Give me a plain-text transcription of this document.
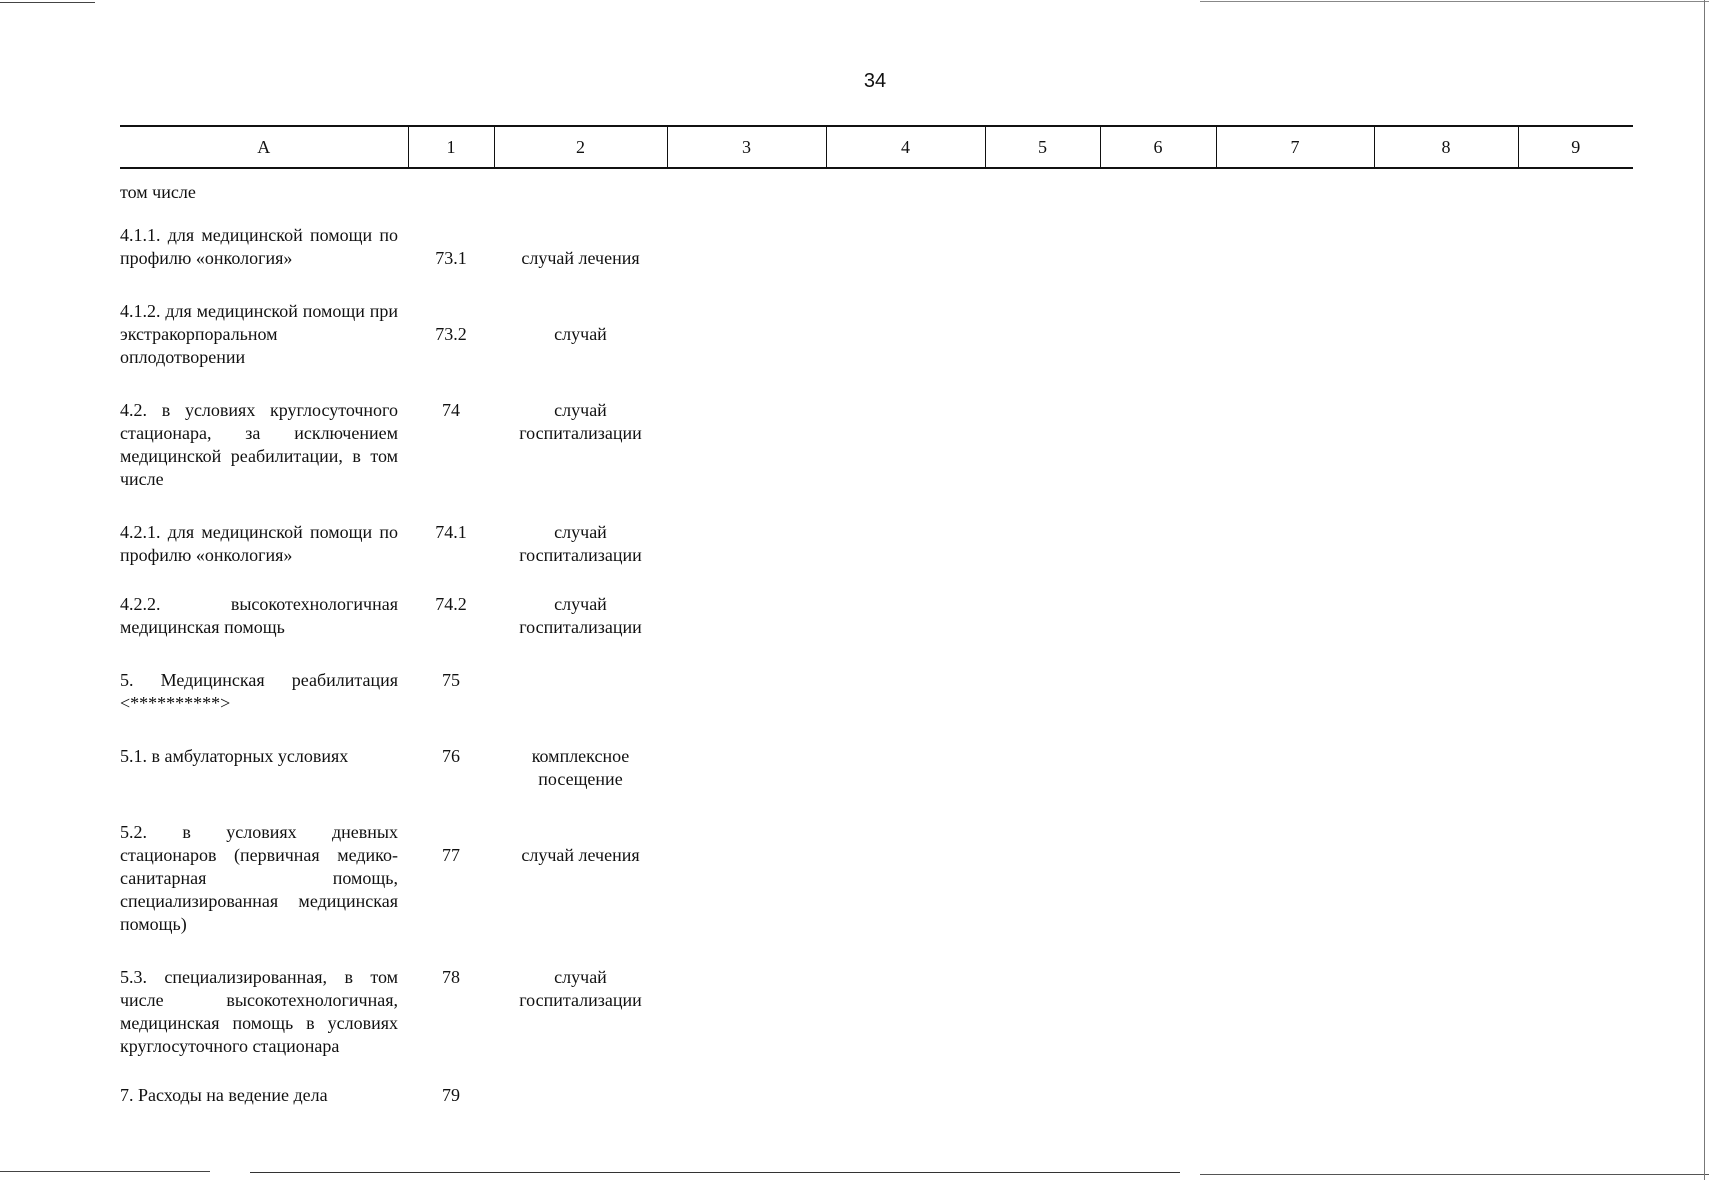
34
А	1	2	3	4	5	6	7	8	9
том числе									
4.1.1. для медицинской помощи по профилю «онкология»	73.1	случай лечения							

4.1.2. для медицинской помощи при экстракорпоральном оплодотворении	73.2	случай							

4.2. в условиях круглосуточного стационара, за исключением медицинской реабилитации, в том числе	74	случай госпитализации							
4.2.1. для медицинской помощи по профилю «онкология»	74.1	случай госпитализации							
4.2.2. высокотехнологичная медицинская помощь	74.2	случай госпитализации							
5. Медицинская реабилитация <**********>	75								
5.1. в амбулаторных условиях	76	комплексное посещение							
5.2. в условиях дневных стационаров (первичная медико-санитарная помощь, специализированная медицинская помощь)	77	случай лечения							

5.3. специализированная, в том числе высокотехнологичная, медицинская помощь в условиях круглосуточного стационара	78	случай госпитализации							
7. Расходы на ведение дела	79								
